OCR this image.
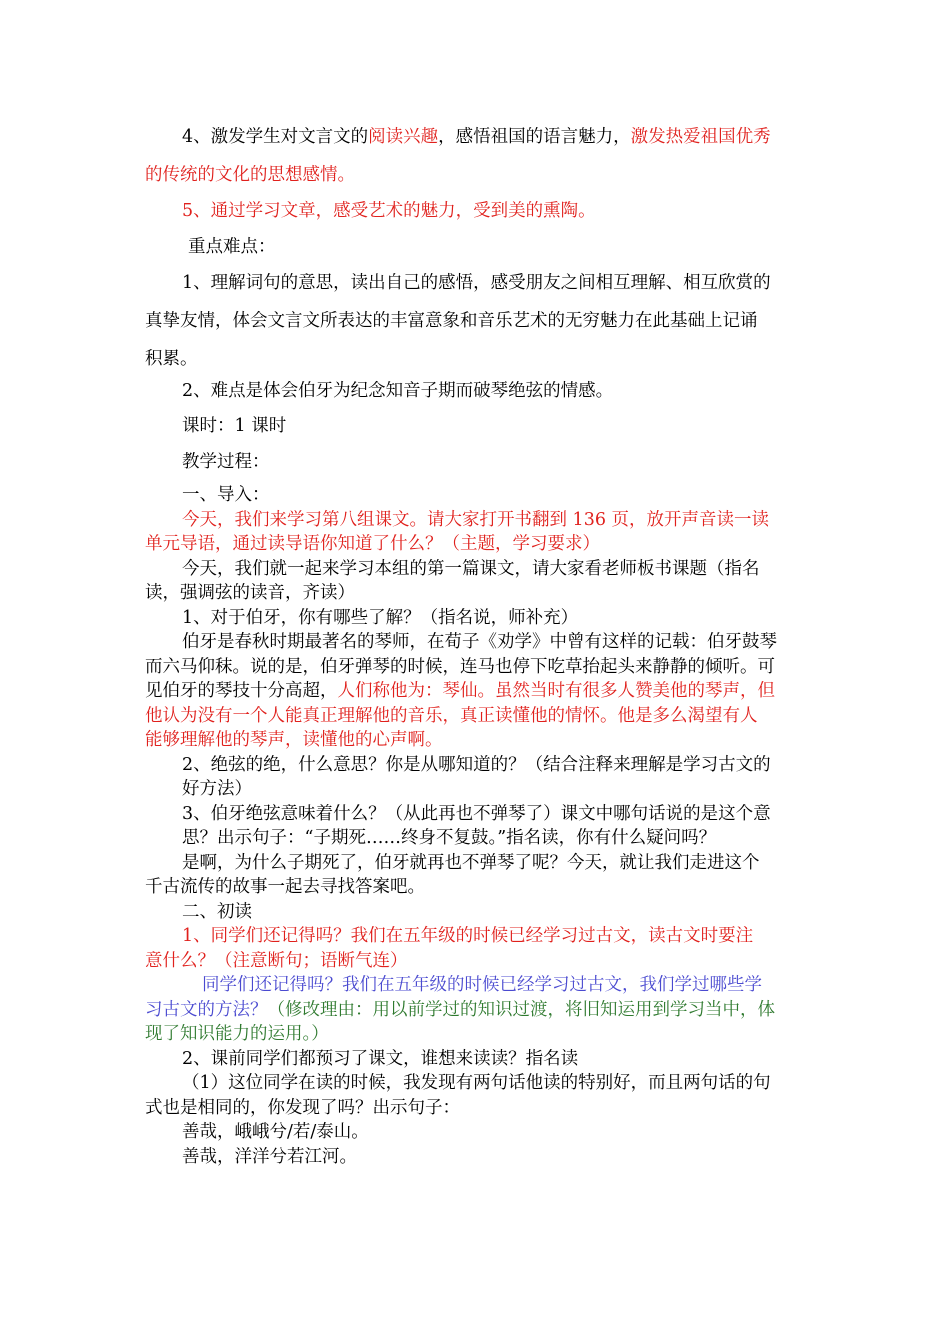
4、激发学生对文言文的阅读兴趣，感悟祖国的语言魅力，激发热爱祖国优秀
的传统的文化的思想感情。
5、通过学习文章，感受艺术的魅力，受到美的熏陶。
重点难点：
1、理解词句的意思，读出自己的感悟，感受朋友之间相互理解、相互欣赏的
真挚友情，体会文言文所表达的丰富意象和音乐艺术的无穷魅力在此基础上记诵
积累。
2、难点是体会伯牙为纪念知音子期而破琴绝弦的情感。
课时：1 课时
教学过程：
一、导入：
今天，我们来学习第八组课文。请大家打开书翻到 136 页，放开声音读一读
单元导语，通过读导语你知道了什么？（主题，学习要求）
今天，我们就一起来学习本组的第一篇课文，请大家看老师板书课题（指名
读，强调弦的读音，齐读）
1、对于伯牙，你有哪些了解？（指名说，师补充）
伯牙是春秋时期最著名的琴师，在荀子《劝学》中曾有这样的记载：伯牙鼓琴
而六马仰秣。说的是，伯牙弹琴的时候，连马也停下吃草抬起头来静静的倾听。可
见伯牙的琴技十分高超，人们称他为：琴仙。虽然当时有很多人赞美他的琴声，但
他认为没有一个人能真正理解他的音乐，真正读懂他的情怀。他是多么渴望有人
能够理解他的琴声，读懂他的心声啊。
2、绝弦的绝，什么意思？你是从哪知道的？（结合注释来理解是学习古文的
好方法）
3、伯牙绝弦意味着什么？（从此再也不弹琴了）课文中哪句话说的是这个意
思？出示句子：“子期死……终身不复鼓。”指名读，你有什么疑问吗？
是啊，为什么子期死了，伯牙就再也不弹琴了呢？今天，就让我们走进这个
千古流传的故事一起去寻找答案吧。
二、初读
1、同学们还记得吗？我们在五年级的时候已经学习过古文，读古文时要注
意什么？（注意断句；语断气连）
同学们还记得吗？我们在五年级的时候已经学习过古文，我们学过哪些学
习古文的方法？（修改理由：用以前学过的知识过渡，将旧知运用到学习当中，体
现了知识能力的运用。）
2、课前同学们都预习了课文，谁想来读读？指名读
（1）这位同学在读的时候，我发现有两句话他读的特别好，而且两句话的句
式也是相同的，你发现了吗？出示句子：
善哉，峨峨兮/若/泰山。
善哉，洋洋兮若江河。
